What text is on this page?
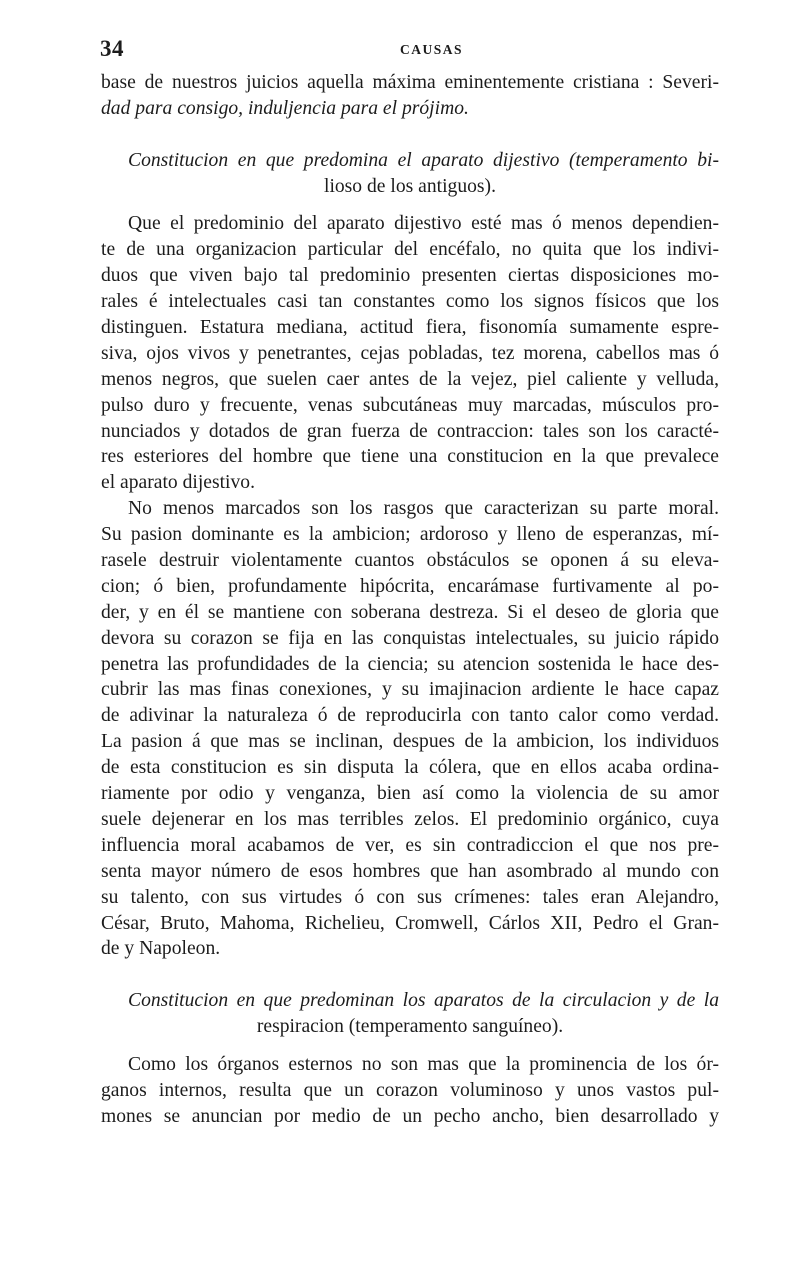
34	CAUSAS
base de nuestros juicios aquella máxima eminentemente cristiana : Severi-
dad para consigo, induljencia para el prójimo.
Constitucion en que predomina el aparato dijestivo (temperamento bi-
lioso de los antiguos).
Que el predominio del aparato dijestivo esté mas ó menos dependien-
te de una organizacion particular del encéfalo, no quita que los indivi-
duos que viven bajo tal predominio presenten ciertas disposiciones mo-
rales é intelectuales casi tan constantes como los signos físicos que los
distinguen. Estatura mediana, actitud fiera, fisonomía sumamente espre-
siva, ojos vivos y penetrantes, cejas pobladas, tez morena, cabellos mas ó
menos negros, que suelen caer antes de la vejez, piel caliente y velluda,
pulso duro y frecuente, venas subcutáneas muy marcadas, músculos pro-
nunciados y dotados de gran fuerza de contraccion: tales son los caracté-
res esteriores del hombre que tiene una constitucion en la que prevalece
el aparato dijestivo.
No menos marcados son los rasgos que caracterizan su parte moral.
Su pasion dominante es la ambicion; ardoroso y lleno de esperanzas, mí-
rasele destruir violentamente cuantos obstáculos se oponen á su eleva-
cion; ó bien, profundamente hipócrita, encarámase furtivamente al po-
der, y en él se mantiene con soberana destreza. Si el deseo de gloria que
devora su corazon se fija en las conquistas intelectuales, su juicio rápido
penetra las profundidades de la ciencia; su atencion sostenida le hace des-
cubrir las mas finas conexiones, y su imajinacion ardiente le hace capaz
de adivinar la naturaleza ó de reproducirla con tanto calor como verdad.
La pasion á que mas se inclinan, despues de la ambicion, los individuos
de esta constitucion es sin disputa la cólera, que en ellos acaba ordina-
riamente por odio y venganza, bien así como la violencia de su amor
suele dejenerar en los mas terribles zelos. El predominio orgánico, cuya
influencia moral acabamos de ver, es sin contradiccion el que nos pre-
senta mayor número de esos hombres que han asombrado al mundo con
su talento, con sus virtudes ó con sus crímenes: tales eran Alejandro,
César, Bruto, Mahoma, Richelieu, Cromwell, Cárlos XII, Pedro el Gran-
de y Napoleon.
Constitucion en que predominan los aparatos de la circulacion y de la
respiracion (temperamento sanguíneo).
Como los órganos esternos no son mas que la prominencia de los ór-
ganos internos, resulta que un corazon voluminoso y unos vastos pul-
mones se anuncian por medio de un pecho ancho, bien desarrollado y
